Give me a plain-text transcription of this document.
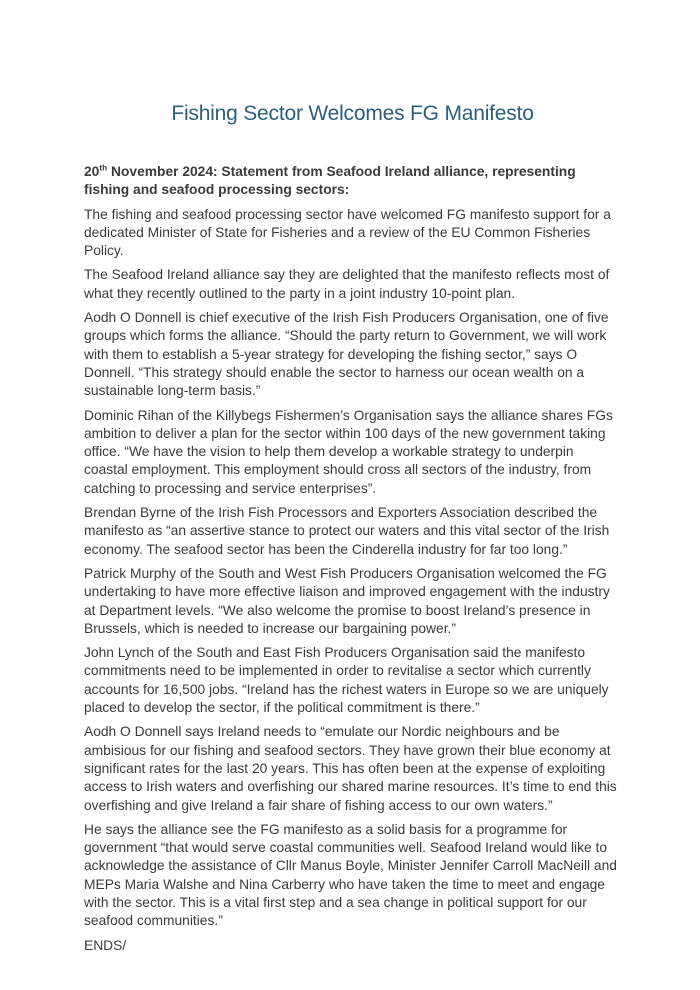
Fishing Sector Welcomes FG Manifesto

20th November 2024: Statement from Seafood Ireland alliance, representing fishing and seafood processing sectors:

The fishing and seafood processing sector have welcomed FG manifesto support for a dedicated Minister of State for Fisheries and a review of the EU Common Fisheries Policy.

The Seafood Ireland alliance say they are delighted that the manifesto reflects most of what they recently outlined to the party in a joint industry 10-point plan.

Aodh O Donnell is chief executive of the Irish Fish Producers Organisation, one of five groups which forms the alliance. “Should the party return to Government, we will work with them to establish a 5-year strategy for developing the fishing sector,” says O Donnell. “This strategy should enable the sector to harness our ocean wealth on a sustainable long-term basis.”

Dominic Rihan of the Killybegs Fishermen’s Organisation says the alliance shares FGs ambition to deliver a plan for the sector within 100 days of the new government taking office. “We have the vision to help them develop a workable strategy to underpin coastal employment. This employment should cross all sectors of the industry, from catching to processing and service enterprises”.

Brendan Byrne of the Irish Fish Processors and Exporters Association described the manifesto as “an assertive stance to protect our waters and this vital sector of the Irish economy. The seafood sector has been the Cinderella industry for far too long.”

Patrick Murphy of the South and West Fish Producers Organisation welcomed the FG undertaking to have more effective liaison and improved engagement with the industry at Department levels. “We also welcome the promise to boost Ireland’s presence in Brussels, which is needed to increase our bargaining power.”

John Lynch of the South and East Fish Producers Organisation said the manifesto commitments need to be implemented in order to revitalise a sector which currently accounts for 16,500 jobs. “Ireland has the richest waters in Europe so we are uniquely placed to develop the sector, if the political commitment is there.”

Aodh O Donnell says Ireland needs to “emulate our Nordic neighbours and be ambisious for our fishing and seafood sectors. They have grown their blue economy at significant rates for the last 20 years. This has often been at the expense of exploiting access to Irish waters and overfishing our shared marine resources. It’s time to end this overfishing and give Ireland a fair share of fishing access to our own waters.”

He says the alliance see the FG manifesto as a solid basis for a programme for government “that would serve coastal communities well. Seafood Ireland would like to acknowledge the assistance of Cllr Manus Boyle, Minister Jennifer Carroll MacNeill and MEPs Maria Walshe and Nina Carberry who have taken the time to meet and engage with the sector. This is a vital first step and a sea change in political support for our seafood communities.”

ENDS/
